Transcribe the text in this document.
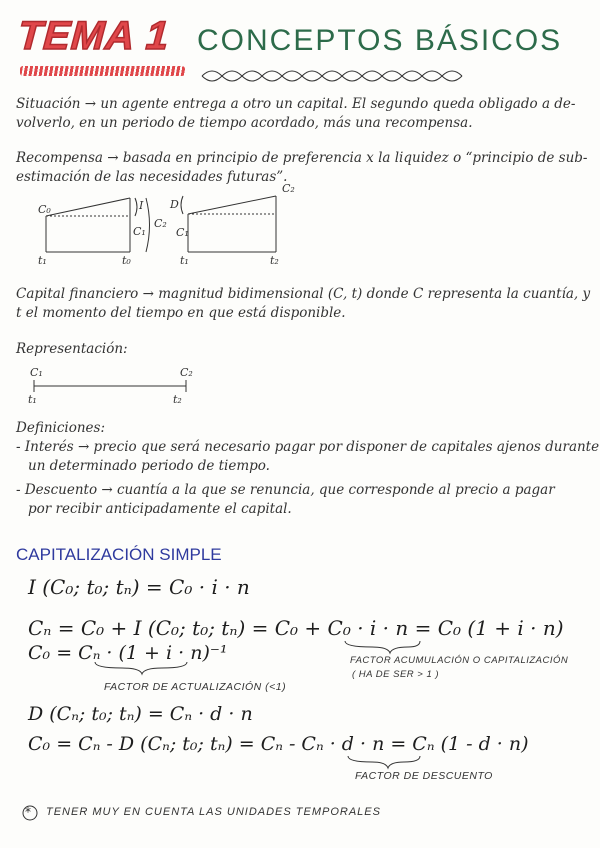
TEMA 1 CONCEPTOS BÁSICOS
Situación → un agente entrega a otro un capital. El segundo queda obligado a de-
volverlo, en un periodo de tiempo acordado, más una recompensa.
Recompensa → basada en principio de preferencia x la liquidez o “principio de sub-
estimación de las necesidades futuras”.
C₀	I
C₁
C₂
t₁	t₀
D
C₁
C₂
t₁	t₂
Capital financiero → magnitud bidimensional (C, t) donde C representa la cuantía, y
t el momento del tiempo en que está disponible.
Representación:
C₁	C₂
t₁	t₂
Definiciones:
- Interés → precio que será necesario pagar por disponer de capitales ajenos durante
un determinado periodo de tiempo.
- Descuento → cuantía a la que se renuncia, que corresponde al precio a pagar
por recibir anticipadamente el capital.
CAPITALIZACIÓN SIMPLE
I (C₀; t₀; tₙ) = C₀ · i · n
Cₙ = C₀ + I (C₀; t₀; tₙ) = C₀ + C₀ · i · n = C₀ (1 + i · n)
C₀ = Cₙ · (1 + i · n)⁻¹	FACTOR ACUMULACIÓN O CAPITALIZACIÓN
( HA DE SER > 1 )
FACTOR DE ACTUALIZACIÓN (<1)
D (Cₙ; t₀; tₙ) = Cₙ · d · n
C₀ = Cₙ - D (Cₙ; t₀; tₙ) = Cₙ - Cₙ · d · n = Cₙ (1 - d · n)
FACTOR DE DESCUENTO
* TENER MUY EN CUENTA LAS UNIDADES TEMPORALES
